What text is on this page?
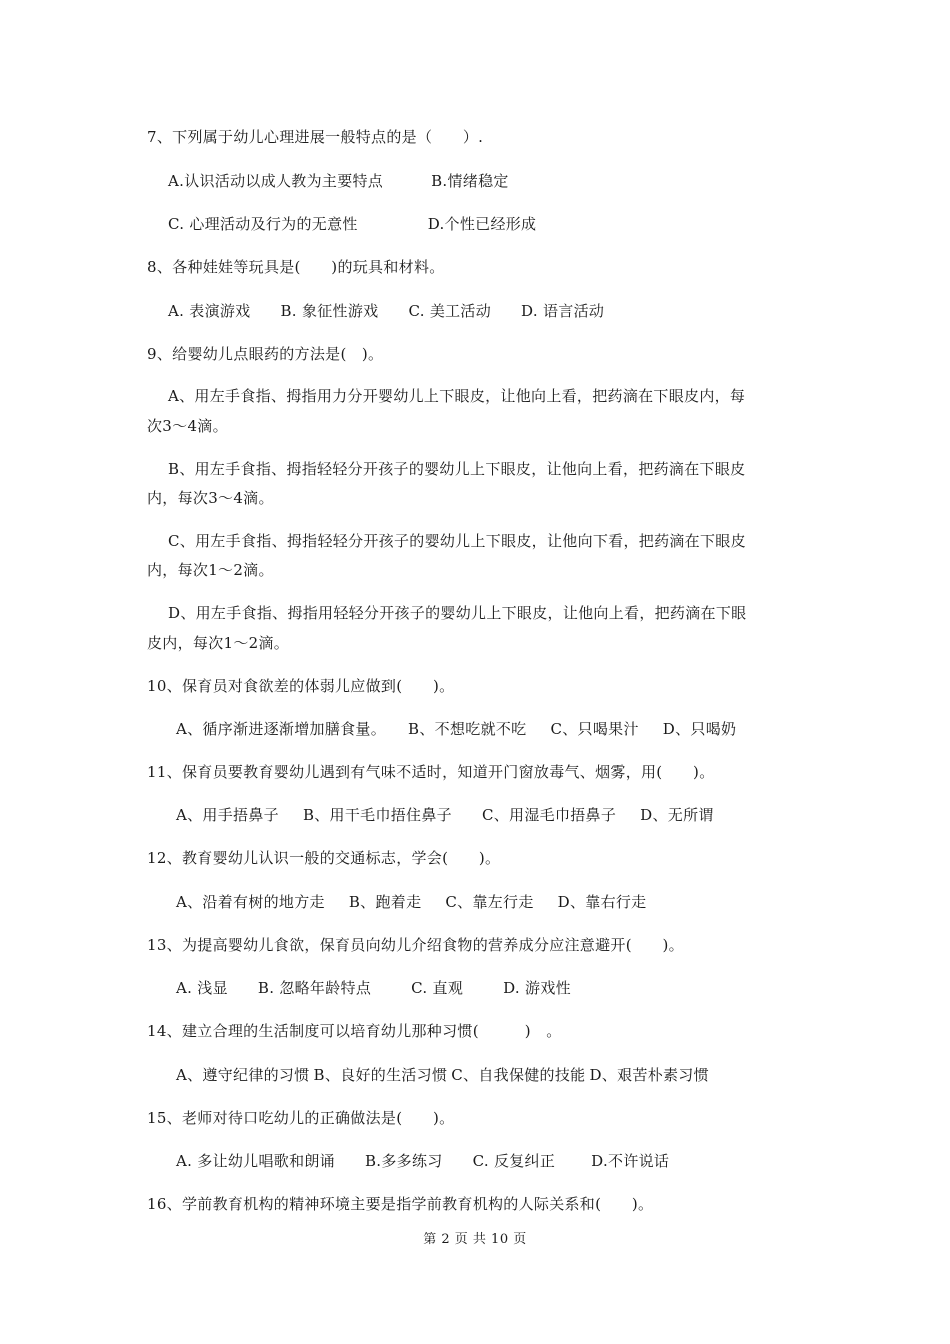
7、下列属于幼儿心理进展一般特点的是（　　）.
A.认识活动以成人教为主要特点	B.情绪稳定
C. 心理活动及行为的无意性	D.个性已经形成
8、各种娃娃等玩具是(　　)的玩具和材料。
A. 表演游戏 B. 象征性游戏 C. 美工活动 D. 语言活动
9、给婴幼儿点眼药的方法是(　)。
A、用左手食指、拇指用力分开婴幼儿上下眼皮，让他向上看，把药滴在下眼皮内，每
次3～4滴。
B、用左手食指、拇指轻轻分开孩子的婴幼儿上下眼皮，让他向上看，把药滴在下眼皮
内，每次3～4滴。
C、用左手食指、拇指轻轻分开孩子的婴幼儿上下眼皮，让他向下看，把药滴在下眼皮
内，每次1～2滴。
D、用左手食指、拇指用轻轻分开孩子的婴幼儿上下眼皮，让他向上看，把药滴在下眼
皮内，每次1～2滴。
10、保育员对食欲差的体弱儿应做到(　　)。
A、循序渐进逐渐增加膳食量。 B、不想吃就不吃 C、只喝果汁 D、只喝奶
11、保育员要教育婴幼儿遇到有气味不适时，知道开门窗放毒气、烟雾，用(　　)。
A、用手捂鼻子 B、用干毛巾捂住鼻子 C、用湿毛巾捂鼻子 D、无所谓
12、教育婴幼儿认识一般的交通标志，学会(　　)。
A、沿着有树的地方走 B、跑着走 C、靠左行走 D、靠右行走
13、为提高婴幼儿食欲，保育员向幼儿介绍食物的营养成分应注意避开(　　)。
A. 浅显 B. 忽略年龄特点	C. 直观	D. 游戏性
14、建立合理的生活制度可以培育幼儿那种习惯(　　　)　。
A、遵守纪律的习惯 B、良好的生活习惯 C、自我保健的技能 D、艰苦朴素习惯
15、老师对待口吃幼儿的正确做法是(　　)。
A. 多让幼儿唱歌和朗诵 B.多多练习 C. 反复纠正 D.不许说话
16、学前教育机构的精神环境主要是指学前教育机构的人际关系和(　　)。
第 2 页 共 10 页
